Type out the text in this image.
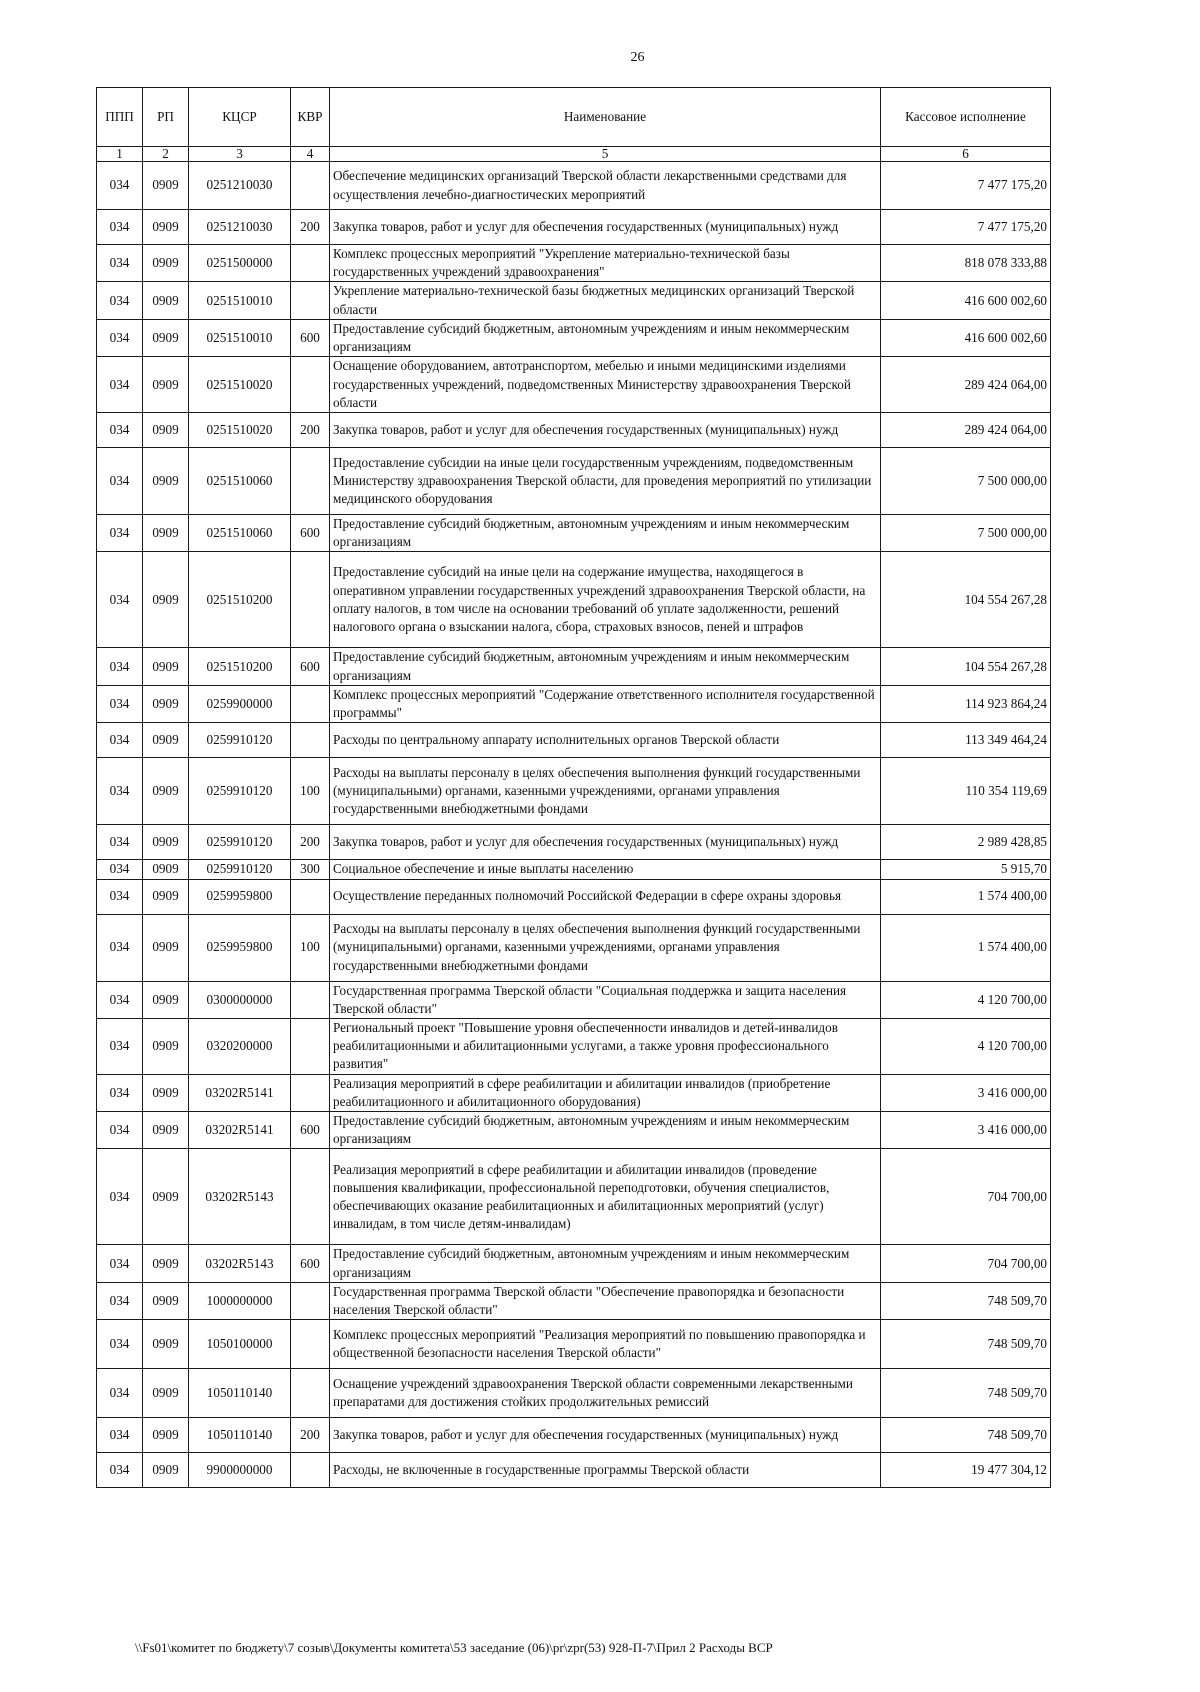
26
ППП	РП	КЦСР	КВР	Наименование	Кассовое исполнение
1	2	3	4	5	6
034	0909	0251210030		Обеспечение медицинских организаций Тверской области лекарственными средствами для осуществления лечебно-диагностических мероприятий	7 477 175,20
034	0909	0251210030	200	Закупка товаров, работ и услуг для обеспечения государственных (муниципальных) нужд	7 477 175,20
034	0909	0251500000		Комплекс процессных мероприятий "Укрепление материально-технической базы государственных учреждений здравоохранения"	818 078 333,88
034	0909	0251510010		Укрепление материально-технической базы бюджетных медицинских организаций Тверской области	416 600 002,60
034	0909	0251510010	600	Предоставление субсидий бюджетным, автономным учреждениям и иным некоммерческим организациям	416 600 002,60
034	0909	0251510020		Оснащение оборудованием, автотранспортом, мебелью и иными медицинскими изделиями государственных учреждений, подведомственных Министерству здравоохранения Тверской области	289 424 064,00
034	0909	0251510020	200	Закупка товаров, работ и услуг для обеспечения государственных (муниципальных) нужд	289 424 064,00
034	0909	0251510060		Предоставление субсидии на иные цели государственным учреждениям, подведомственным Министерству здравоохранения Тверской области, для проведения мероприятий по утилизации медицинского оборудования	7 500 000,00
034	0909	0251510060	600	Предоставление субсидий бюджетным, автономным учреждениям и иным некоммерческим организациям	7 500 000,00
034	0909	0251510200		Предоставление субсидий на иные цели на содержание имущества, находящегося в оперативном управлении государственных учреждений здравоохранения Тверской области, на оплату налогов, в том числе на основании требований об уплате задолженности, решений налогового органа о взыскании налога, сбора, страховых взносов, пеней и штрафов	104 554 267,28
034	0909	0251510200	600	Предоставление субсидий бюджетным, автономным учреждениям и иным некоммерческим организациям	104 554 267,28
034	0909	0259900000		Комплекс процессных мероприятий "Содержание ответственного исполнителя государственной программы"	114 923 864,24
034	0909	0259910120		Расходы по центральному аппарату исполнительных органов Тверской области	113 349 464,24
034	0909	0259910120	100	Расходы на выплаты персоналу в целях обеспечения выполнения функций государственными (муниципальными) органами, казенными учреждениями, органами управления государственными внебюджетными фондами	110 354 119,69
034	0909	0259910120	200	Закупка товаров, работ и услуг для обеспечения государственных (муниципальных) нужд	2 989 428,85
034	0909	0259910120	300	Социальное обеспечение и иные выплаты населению	5 915,70
034	0909	0259959800		Осуществление переданных полномочий Российской Федерации в сфере охраны здоровья	1 574 400,00
034	0909	0259959800	100	Расходы на выплаты персоналу в целях обеспечения выполнения функций государственными (муниципальными) органами, казенными учреждениями, органами управления государственными внебюджетными фондами	1 574 400,00
034	0909	0300000000		Государственная программа Тверской области "Социальная поддержка и защита населения Тверской области"	4 120 700,00
034	0909	0320200000		Региональный проект "Повышение уровня обеспеченности инвалидов и детей-инвалидов реабилитационными и абилитационными услугами, а также уровня профессионального развития"	4 120 700,00
034	0909	03202R5141		Реализация мероприятий в сфере реабилитации и абилитации инвалидов (приобретение реабилитационного и абилитационного оборудования)	3 416 000,00
034	0909	03202R5141	600	Предоставление субсидий бюджетным, автономным учреждениям и иным некоммерческим организациям	3 416 000,00
034	0909	03202R5143		Реализация мероприятий в сфере реабилитации и абилитации инвалидов (проведение повышения квалификации, профессиональной переподготовки, обучения специалистов, обеспечивающих оказание реабилитационных и абилитационных мероприятий (услуг) инвалидам, в том числе детям-инвалидам)	704 700,00
034	0909	03202R5143	600	Предоставление субсидий бюджетным, автономным учреждениям и иным некоммерческим организациям	704 700,00
034	0909	1000000000		Государственная программа Тверской области "Обеспечение правопорядка и безопасности населения Тверской области"	748 509,70
034	0909	1050100000		Комплекс процессных мероприятий "Реализация мероприятий по повышению правопорядка и общественной безопасности населения Тверской области"	748 509,70
034	0909	1050110140		Оснащение учреждений здравоохранения Тверской области современными лекарственными препаратами для достижения стойких продолжительных ремиссий	748 509,70
034	0909	1050110140	200	Закупка товаров, работ и услуг для обеспечения государственных (муниципальных) нужд	748 509,70
034	0909	9900000000		Расходы, не включенные в государственные программы Тверской области	19 477 304,12
\\Fs01\комитет по бюджету\7 созыв\Документы комитета\53 заседание (06)\pr\zpr(53) 928-П-7\Прил 2 Расходы ВСР
